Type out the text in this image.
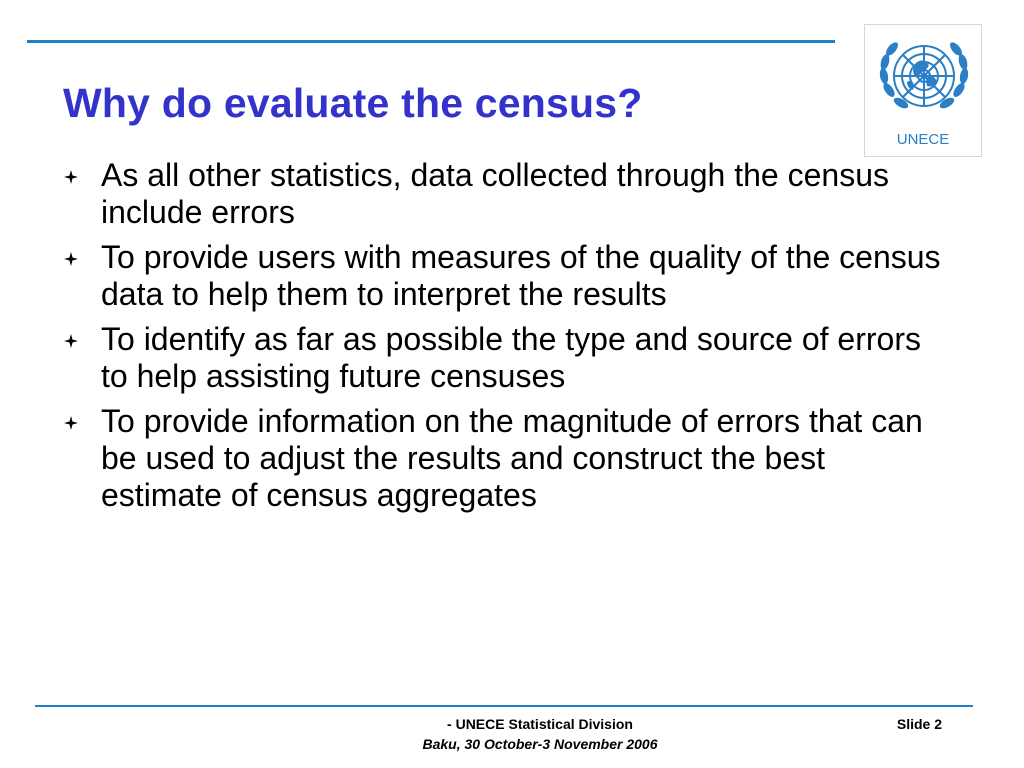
UNECE
Why do evaluate the census?
As all other statistics, data collected through the census include errors
To provide users with measures of the quality of the census data to help them to interpret the results
To identify as far as possible the type and source of errors to help assisting future censuses
To provide information on the magnitude of errors that can be used to adjust the results and construct the best estimate of census aggregates
- UNECE Statistical Division
Baku, 30 October-3 November 2006
Slide 2
